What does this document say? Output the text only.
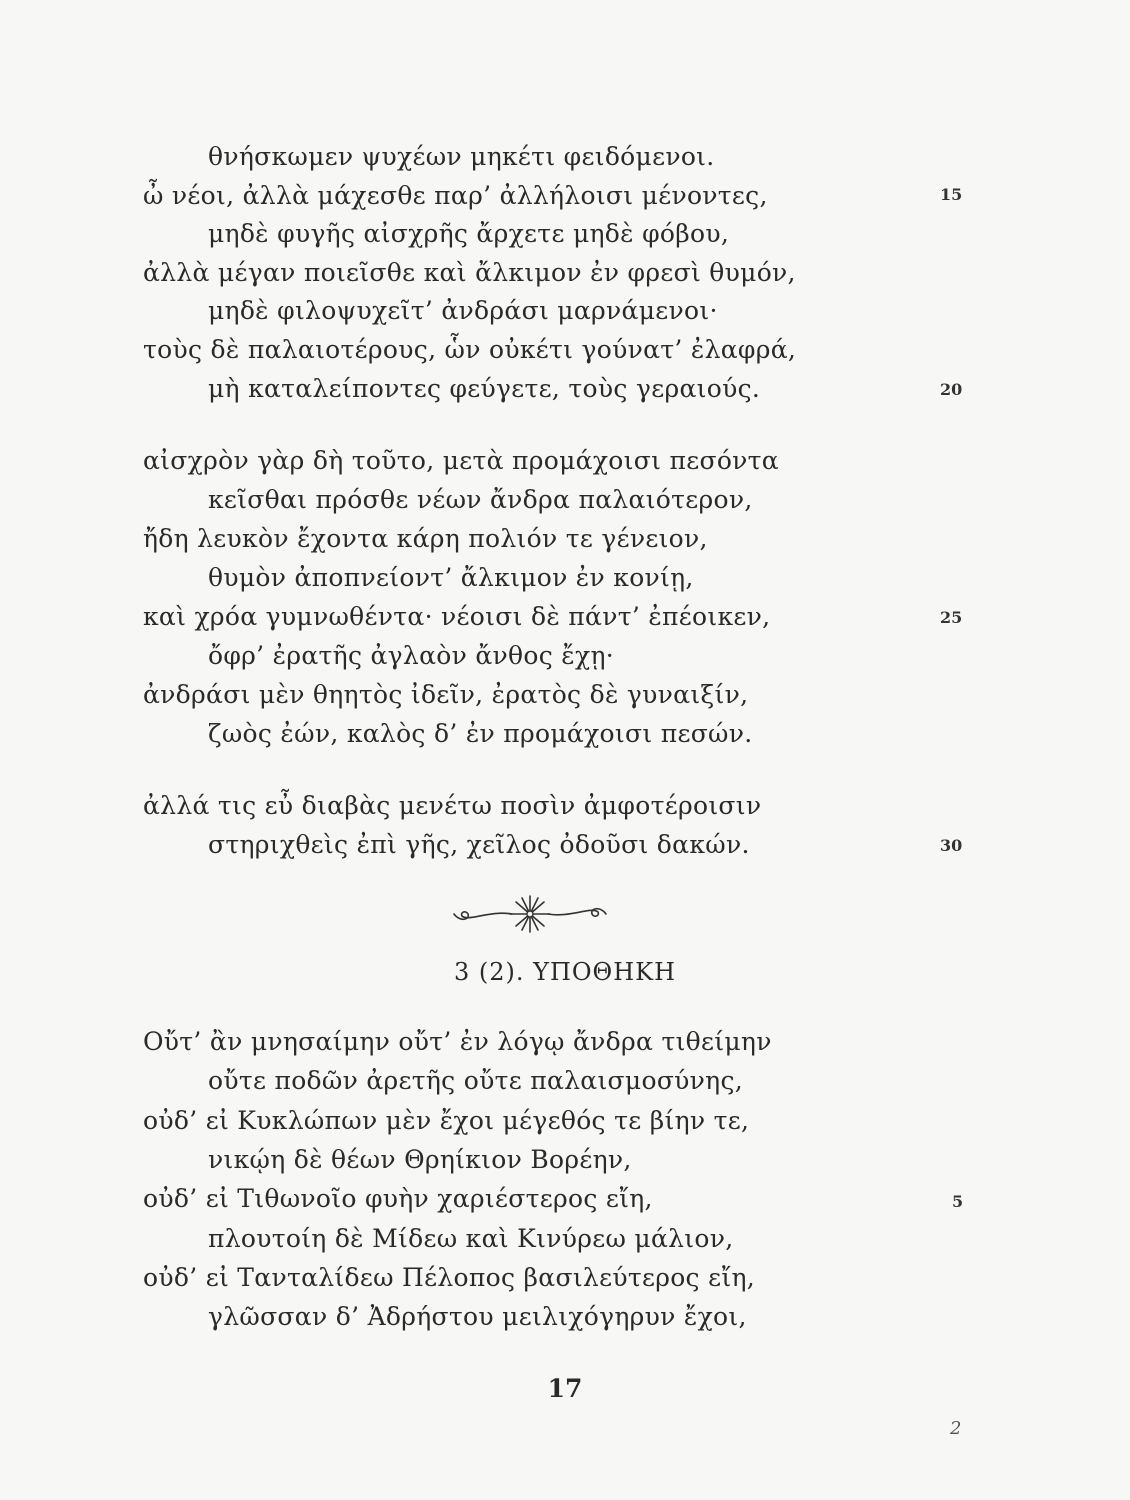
θνήσκωμεν ψυχέων μηκέτι φειδόμενοι.
ὦ νέοι, ἀλλὰ μάχεσθε παρ’ ἀλλήλοισι μένοντες,	15
μηδὲ φυγῆς αἰσχρῆς ἄρχετε μηδὲ φόβου,
ἀλλὰ μέγαν ποιεῖσθε καὶ ἄλκιμον ἐν φρεσὶ θυμόν,
μηδὲ φιλοψυχεῖτ’ ἀνδράσι μαρνάμενοι·
τοὺς δὲ παλαιοτέρους, ὧν οὐκέτι γούνατ’ ἐλαφρά,
μὴ καταλείποντες φεύγετε, τοὺς γεραιούς.	20
αἰσχρὸν γὰρ δὴ τοῦτο, μετὰ προμάχοισι πεσόντα
κεῖσθαι πρόσθε νέων ἄνδρα παλαιότερον,
ἤδη λευκὸν ἔχοντα κάρη πολιόν τε γένειον,
θυμὸν ἀποπνείοντ’ ἄλκιμον ἐν κονίῃ,
καὶ χρόα γυμνωθέντα· νέοισι δὲ πάντ’ ἐπέοικεν,	25
ὄφρ’ ἐρατῆς ἀγλαὸν ἄνθος ἔχῃ·
ἀνδράσι μὲν θηητὸς ἰδεῖν, ἐρατὸς δὲ γυναιξίν,
ζωὸς ἐών, καλὸς δ’ ἐν προμάχοισι πεσών.
ἀλλά τις εὖ διαβὰς μενέτω ποσὶν ἀμφοτέροισιν
στηριχθεὶς ἐπὶ γῆς, χεῖλος ὀδοῦσι δακών.	30
3 (2). ΥΠΟΘΗΚΗ
Οὔτ’ ἂν μνησαίμην οὔτ’ ἐν λόγῳ ἄνδρα τιθείμην
οὔτε ποδῶν ἀρετῆς οὔτε παλαισμοσύνης,
οὐδ’ εἰ Κυκλώπων μὲν ἔχοι μέγεθός τε βίην τε,
νικῴη δὲ θέων Θρηίκιον Βορέην,
οὐδ’ εἰ Τιθωνοῖο φυὴν χαριέστερος εἴη,	5
πλουτοίη δὲ Μίδεω καὶ Κινύρεω μάλιον,
οὐδ’ εἰ Τανταλίδεω Πέλοπος βασιλεύτερος εἴη,
γλῶσσαν δ’ Ἀδρήστου μειλιχόγηρυν ἔχοι,
17
2
